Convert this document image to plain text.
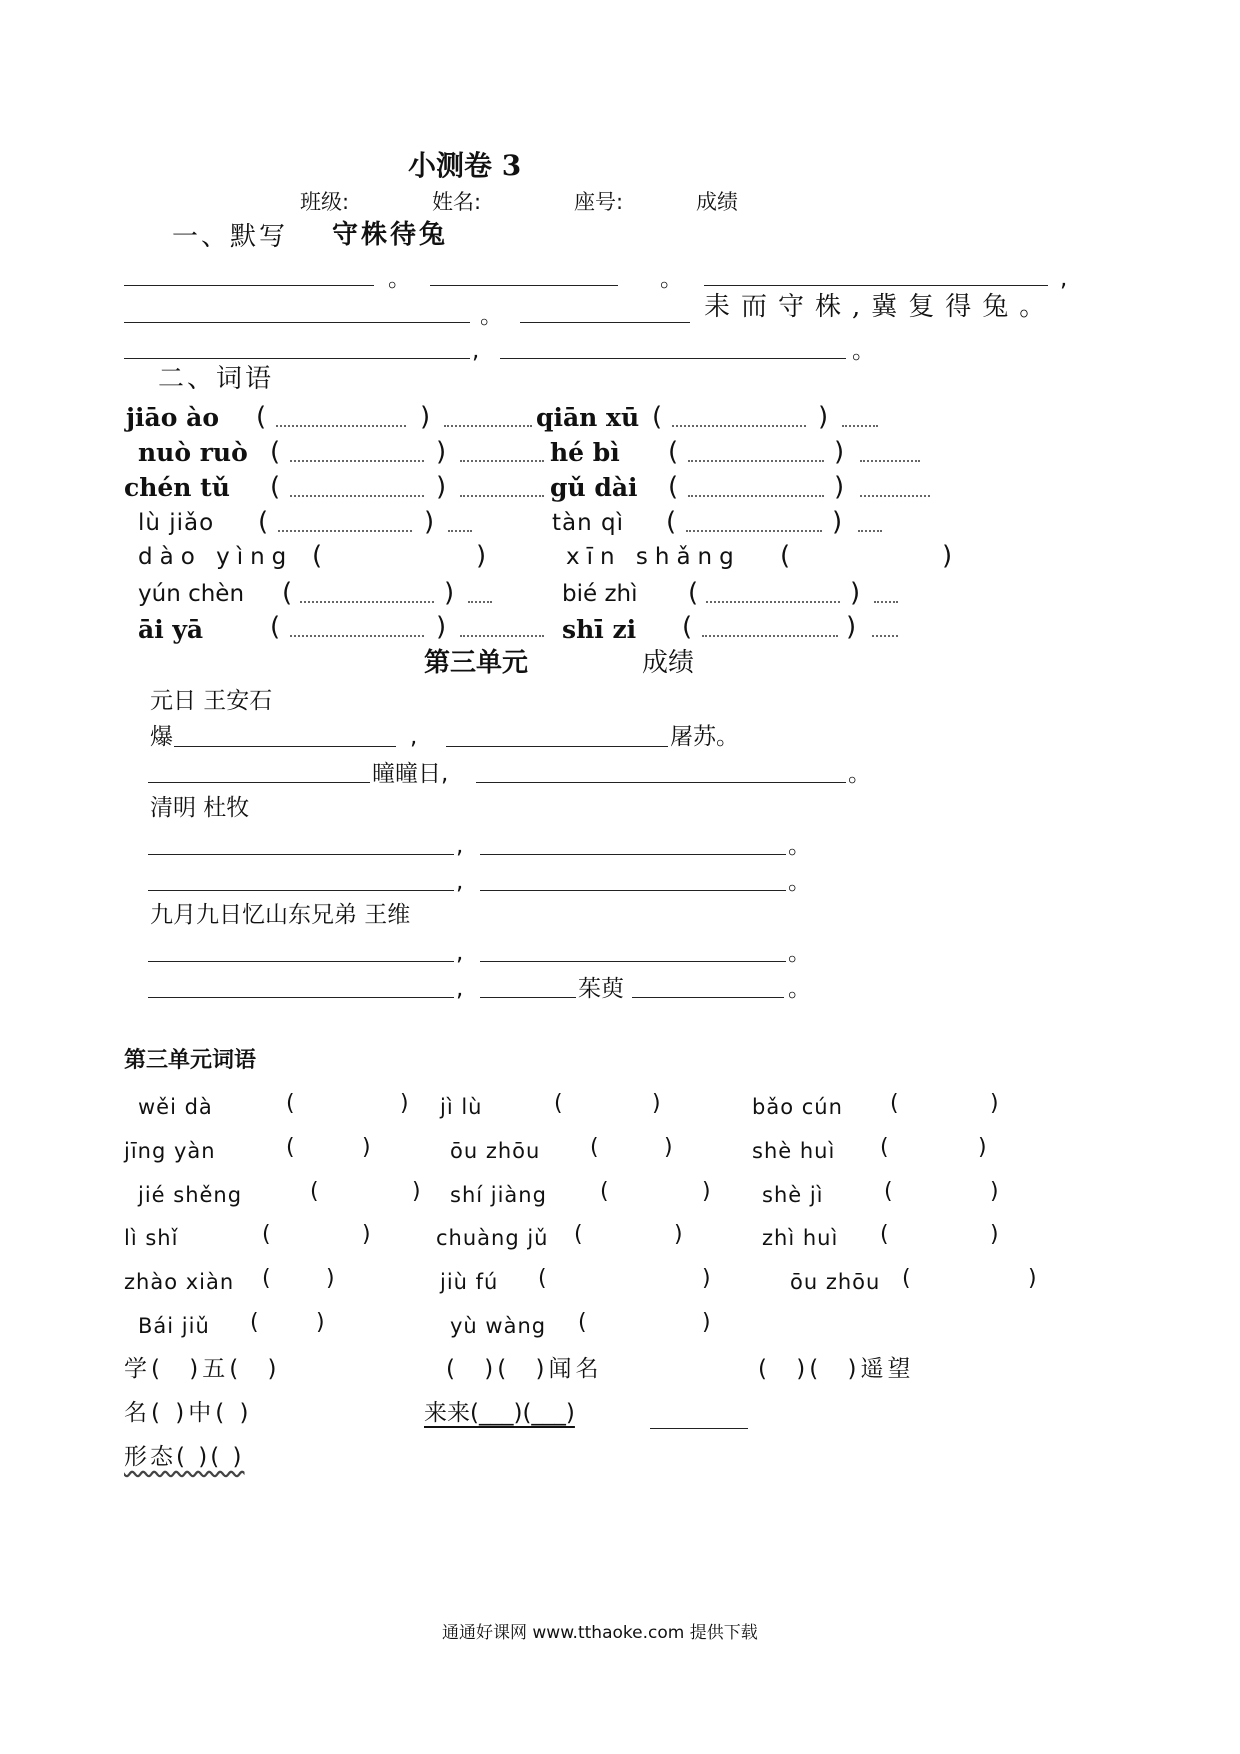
小测卷 3
班级:	姓名:	座号:	成绩
一、默写 守株待兔
。	。	,
。	耒而守株,冀复得兔。
,	。
二、词语
jiāo ào (	)	qiān xū (	)
nuò ruò (	)	hé bì (	)
chén tǔ (	)	gǔ dài (	)
lù jiǎo (	)	tàn qì (	)
dào yìng (	)	xīn shǎng (	)
yún chèn (	)	bié zhì (	)
āi yā	(	)	shī zi (	)
第三单元	成绩
元日 王安石
爆	,	屠苏。
曈曈日,	。
清明 杜牧
,	。
,	。
九月九日忆山东兄弟 王维
,	。
,	茱萸	。
第三单元词语
wěi dà	(	) jì lù	(	)	bǎo cún (	)
jīng yàn	(	)	ōu zhōu (	)	shè huì (	)
jié shěng	(	) shí jiàng (	) shè jì	(	)
lì shǐ	(	)	chuàng jǔ (	)	zhì huì (	)
zhào xiàn (	)	jiù fú (	)	ōu zhōu (	)
Bái jiǔ (	)	yù wàng (	)
学( )五( )	( )( )闻名	( )( )遥望
名( )中( )	来来(___)(___)
形态( )( )
通通好课网 www.tthaoke.com 提供下载
